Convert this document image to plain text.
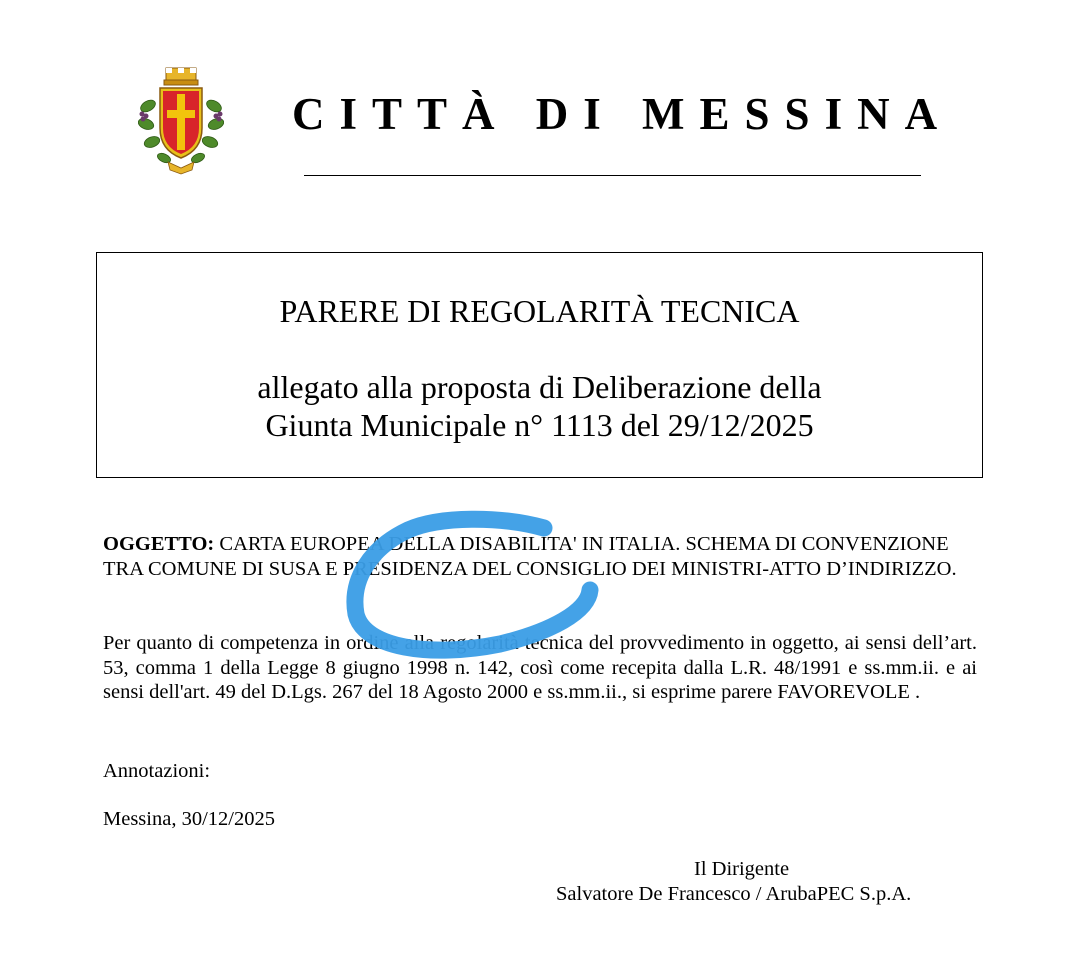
CITTÀ DI MESSINA
PARERE DI REGOLARITÀ TECNICA
allegato alla proposta di Deliberazione della
Giunta Municipale n° 1113 del 29/12/2025
OGGETTO: CARTA EUROPEA DELLA DISABILITA' IN ITALIA. SCHEMA DI CONVENZIONE TRA COMUNE DI SUSA E PRESIDENZA DEL CONSIGLIO DEI MINISTRI-ATTO D’INDIRIZZO.
Per quanto di competenza in ordine alla regolarità tecnica del provvedimento in oggetto, ai sensi dell’art. 53, comma 1 della Legge 8 giugno 1998 n. 142, così come recepita dalla L.R. 48/1991 e ss.mm.ii. e ai sensi dell'art. 49 del D.Lgs. 267 del 18 Agosto 2000 e ss.mm.ii., si esprime parere FAVOREVOLE .
Annotazioni:
Messina, 30/12/2025
Il Dirigente
Salvatore De Francesco / ArubaPEC S.p.A.
